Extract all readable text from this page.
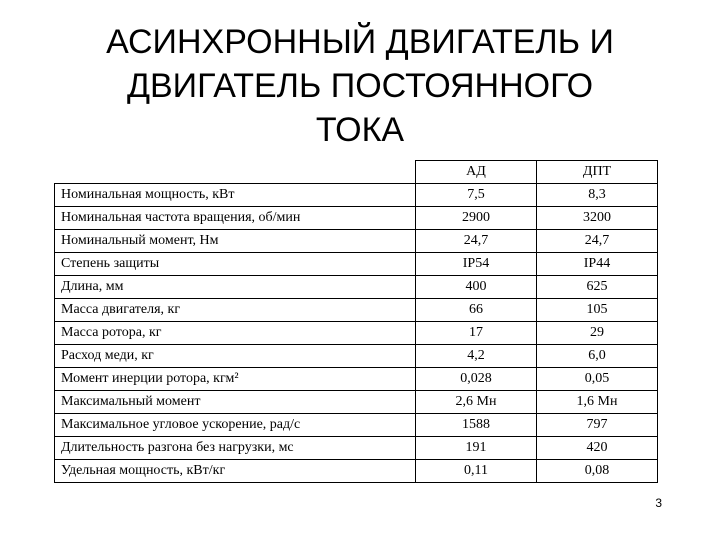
АСИНХРОННЫЙ ДВИГАТЕЛЬ И
ДВИГАТЕЛЬ ПОСТОЯННОГО
ТОКА
	АД	ДПТ
Номинальная мощность, кВт	7,5	8,3
Номинальная частота вращения, об/мин	2900	3200
Номинальный момент, Нм	24,7	24,7
Степень защиты	IP54	IP44
Длина, мм	400	625
Масса двигателя, кг	66	105
Масса ротора, кг	17	29
Расход меди, кг	4,2	6,0
Момент инерции ротора, кгм²	0,028	0,05
Максимальный момент	2,6 Мн	1,6 Мн
Максимальное угловое ускорение, рад/с	1588	797
Длительность разгона без нагрузки, мс	191	420
Удельная мощность, кВт/кг	0,11	0,08
3
